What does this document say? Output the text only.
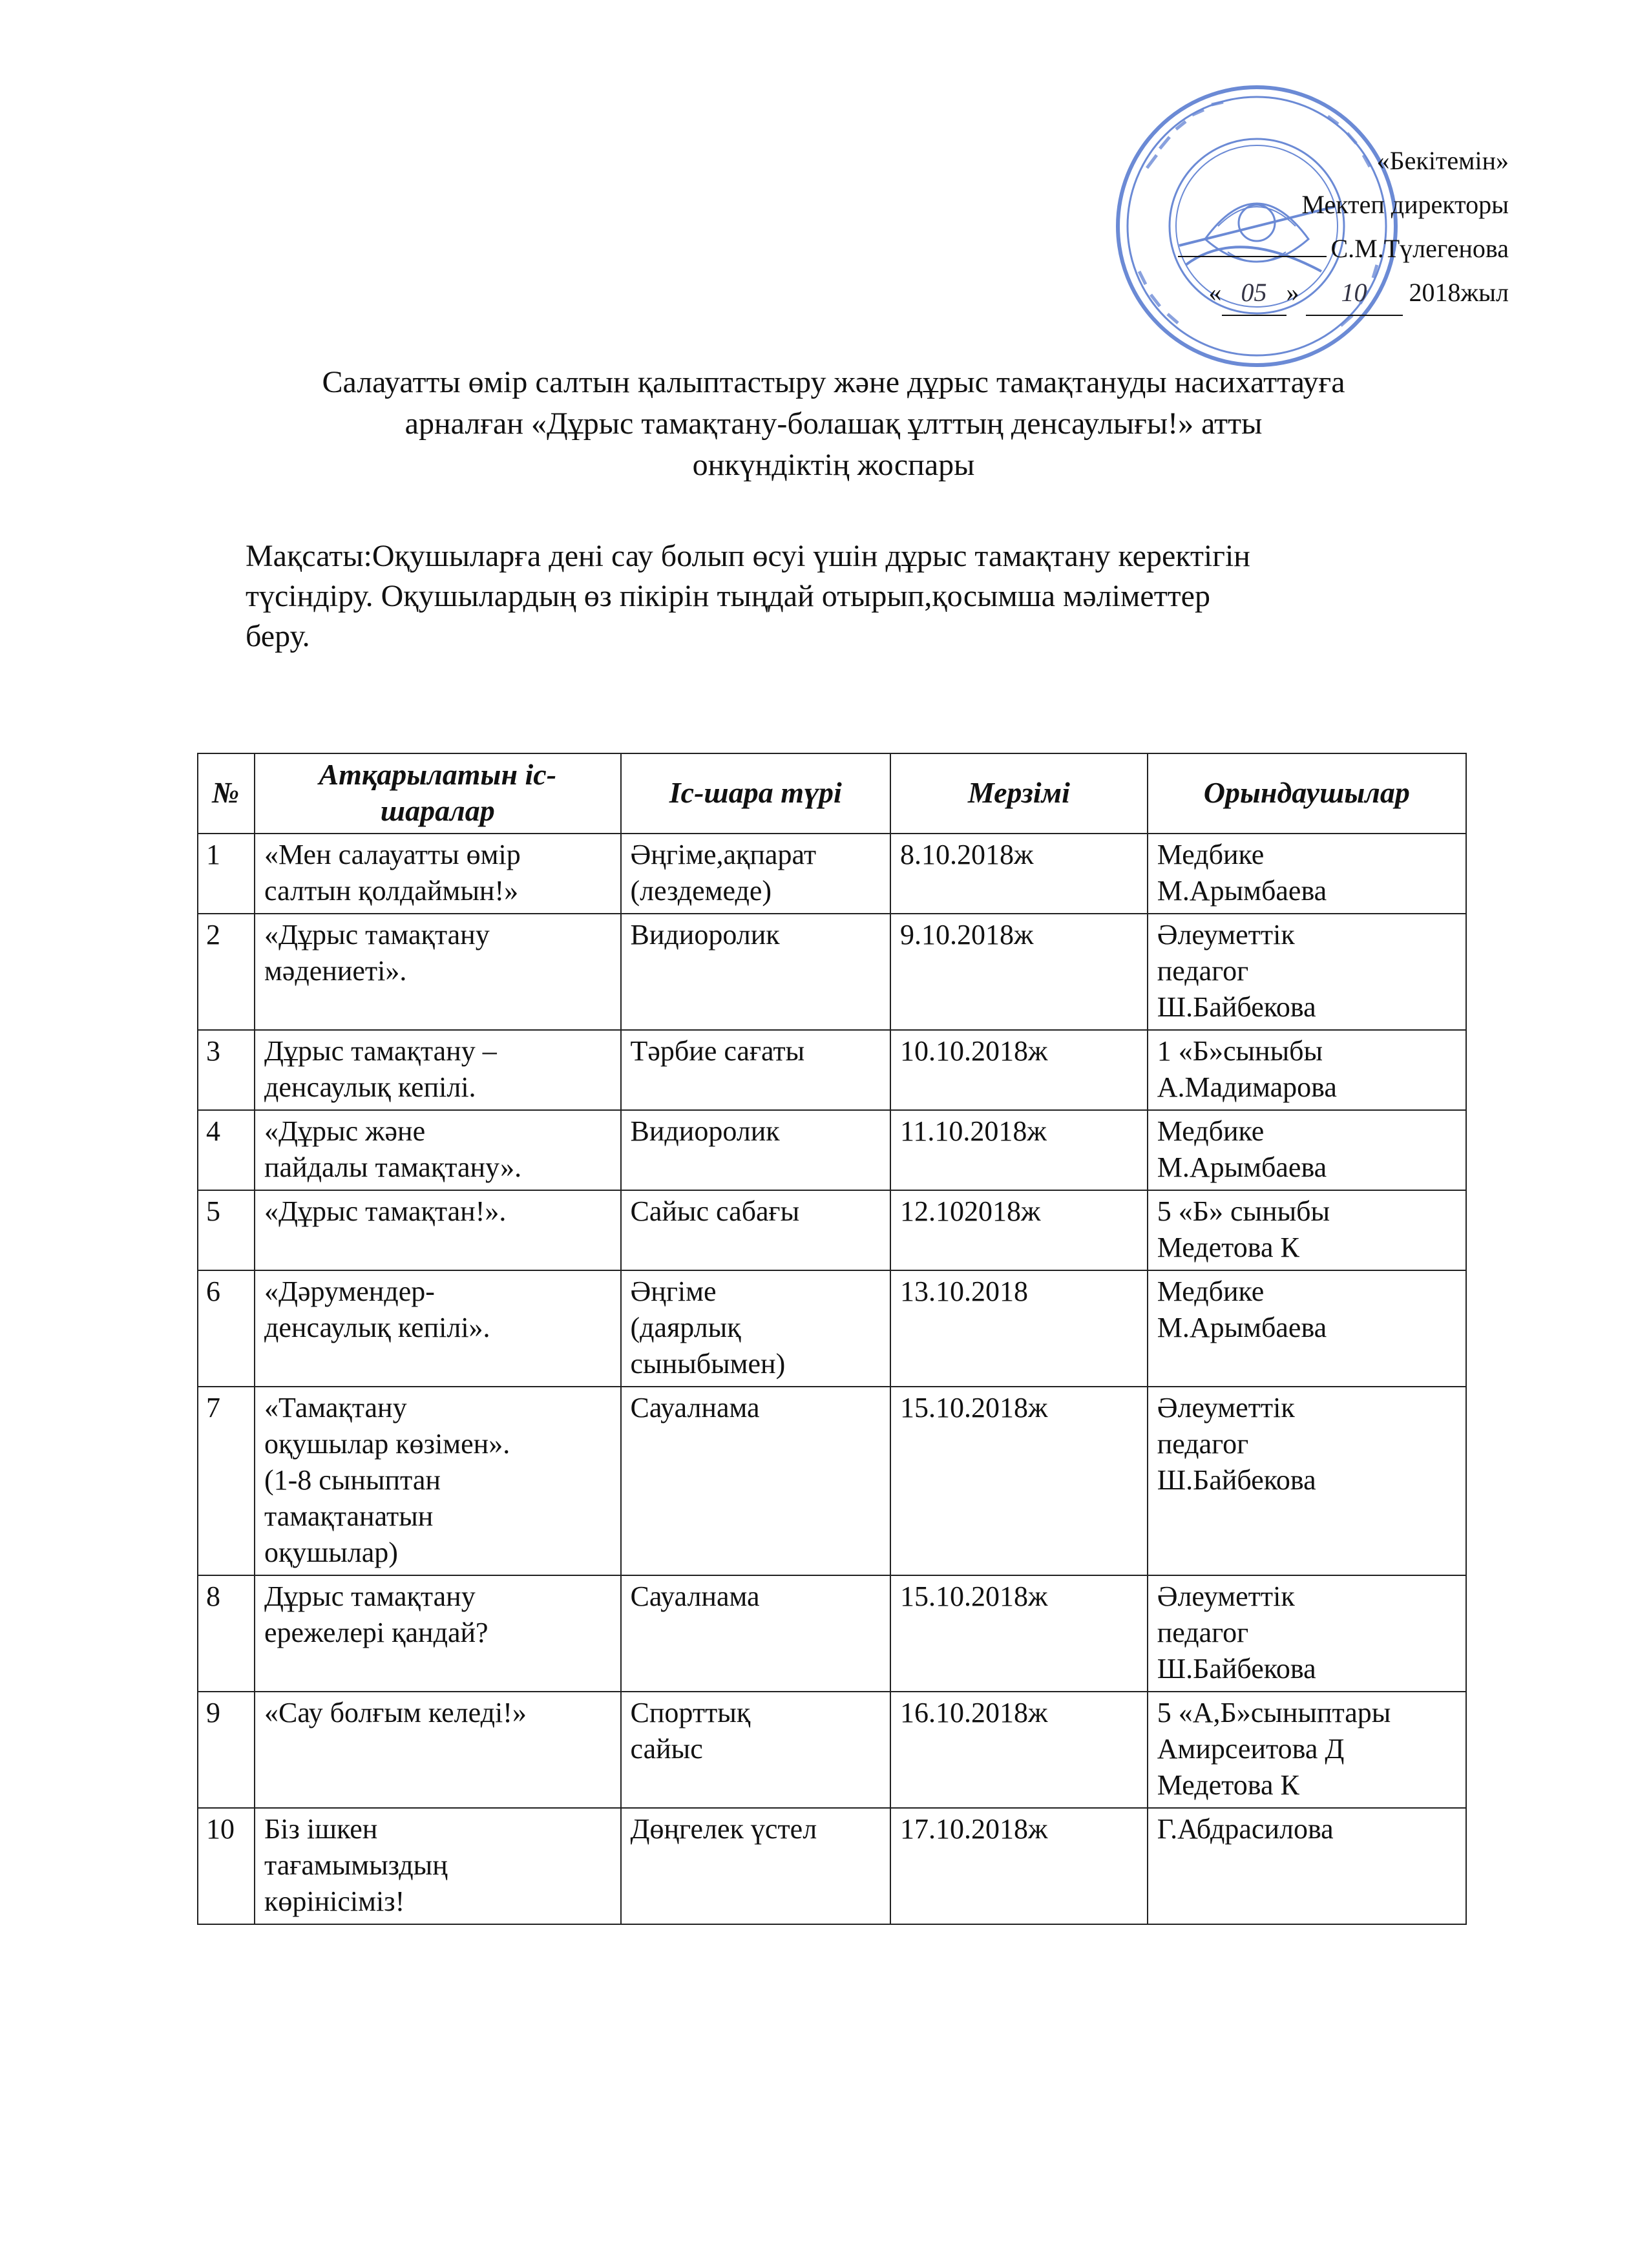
«Бекітемін»
Мектеп директоры
С.М.Түлегенова
« 05 » 10 2018жыл
Салауатты өмір салтын қалыптастыру және дұрыс тамақтануды насихаттауға
арналған «Дұрыс тамақтану-болашақ ұлттың денсаулығы!» атты
онкүндіктің жоспары
Мақсаты:Оқушыларға дені сау болып өсуі үшін дұрыс тамақтану керектігін
түсіндіру. Оқушылардың өз пікірін тыңдай отырып,қосымша мәліметтер
беру.
№	Атқарылатын іс-шаралар	Іс-шара түрі	Мерзімі	Орындаушылар
1	«Мен салауатты өмір
салтын қолдаймын!»	Әңгіме,ақпарат
(лездемеде)	8.10.2018ж	Медбике
М.Арымбаева

2	«Дұрыс тамақтану
мәдениеті».	Видиоролик	9.10.2018ж	Әлеуметтік
педагог
Ш.Байбекова

3	Дұрыс тамақтану –
денсаулық кепілі.	Тәрбие сағаты	10.10.2018ж	1 «Б»сыныбы
А.Мадимарова

4	«Дұрыс және
пайдалы тамақтану».	Видиоролик	11.10.2018ж	Медбике
М.Арымбаева

5	«Дұрыс тамақтан!».	Сайыс сабағы	12.102018ж	5 «Б» сыныбы
Медетова К

6	«Дәрумендер-
денсаулық кепілі».	Әңгіме
(даярлық
сыныбымен)	13.10.2018	Медбике
М.Арымбаева

7	«Тамақтану
оқушылар көзімен».
(1-8 сыныптан
тамақтанатын
оқушылар)	Сауалнама	15.10.2018ж	Әлеуметтік
педагог
Ш.Байбекова

8	Дұрыс тамақтану
ережелері қандай?	Сауалнама	15.10.2018ж	Әлеуметтік
педагог
Ш.Байбекова

9	«Сау болғым келеді!»	Спорттық
сайыс	16.10.2018ж	5 «А,Б»сыныптары
Амирсеитова Д
Медетова К

10	Біз ішкен
тағамымыздың
көрінісіміз!	Дөңгелек үстел	17.10.2018ж	Г.Абдрасилова
